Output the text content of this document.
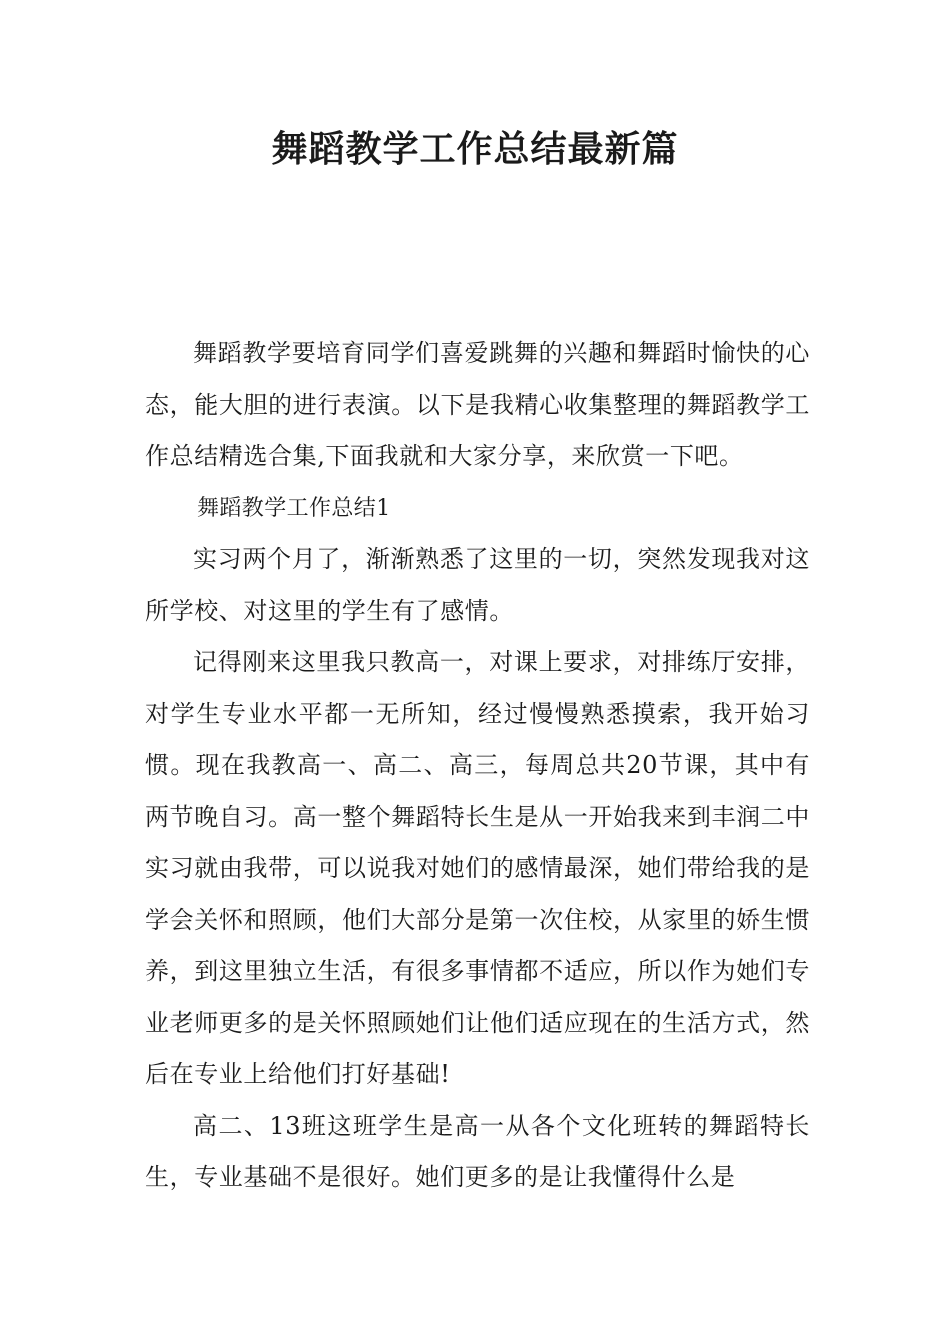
舞蹈教学工作总结最新篇

舞蹈教学要培育同学们喜爱跳舞的兴趣和舞蹈时愉快的心态，能大胆的进行表演。以下是我精心收集整理的舞蹈教学工作总结精选合集,下面我就和大家分享，来欣赏一下吧。

舞蹈教学工作总结1

实习两个月了，渐渐熟悉了这里的一切，突然发现我对这所学校、对这里的学生有了感情。

记得刚来这里我只教高一，对课上要求，对排练厅安排，对学生专业水平都一无所知，经过慢慢熟悉摸索，我开始习惯。现在我教高一、高二、高三，每周总共20节课，其中有两节晚自习。高一整个舞蹈特长生是从一开始我来到丰润二中实习就由我带，可以说我对她们的感情最深，她们带给我的是学会关怀和照顾，他们大部分是第一次住校，从家里的娇生惯养，到这里独立生活，有很多事情都不适应，所以作为她们专业老师更多的是关怀照顾她们让他们适应现在的生活方式，然后在专业上给他们打好基础!

高二、13班这班学生是高一从各个文化班转的舞蹈特长生，专业基础不是很好。她们更多的是让我懂得什么是
